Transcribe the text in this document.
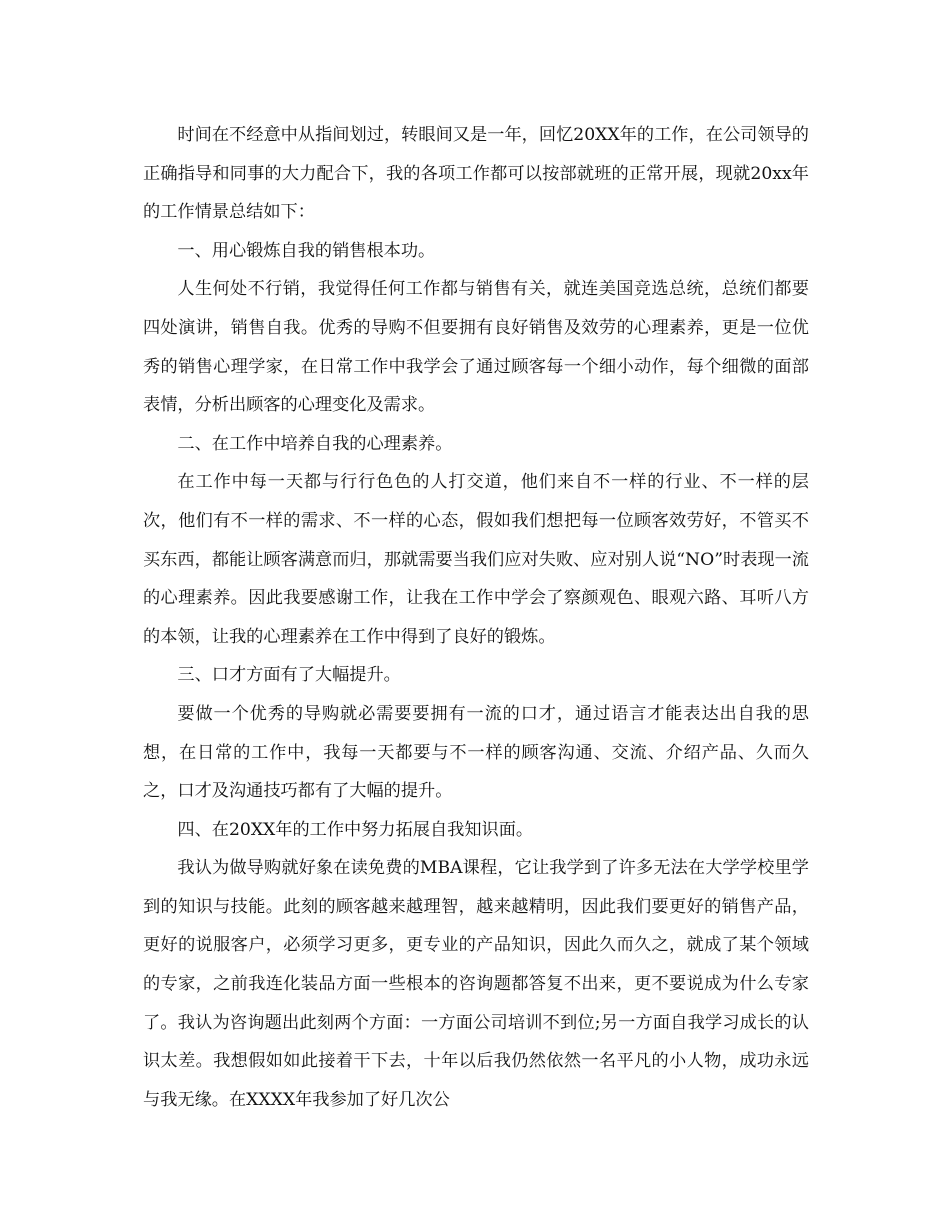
时间在不经意中从指间划过，转眼间又是一年，回忆20XX年的工作，在公司领导的正确指导和同事的大力配合下，我的各项工作都可以按部就班的正常开展，现就20xx年的工作情景总结如下：

一、用心锻炼自我的销售根本功。

人生何处不行销，我觉得任何工作都与销售有关，就连美国竞选总统，总统们都要四处演讲，销售自我。优秀的导购不但要拥有良好销售及效劳的心理素养，更是一位优秀的销售心理学家，在日常工作中我学会了通过顾客每一个细小动作，每个细微的面部表情，分析出顾客的心理变化及需求。

二、在工作中培养自我的心理素养。

在工作中每一天都与行行色色的人打交道，他们来自不一样的行业、不一样的层次，他们有不一样的需求、不一样的心态，假如我们想把每一位顾客效劳好，不管买不买东西，都能让顾客满意而归，那就需要当我们应对失败、应对别人说“NO”时表现一流的心理素养。因此我要感谢工作，让我在工作中学会了察颜观色、眼观六路、耳听八方的本领，让我的心理素养在工作中得到了良好的锻炼。

三、口才方面有了大幅提升。

要做一个优秀的导购就必需要要拥有一流的口才，通过语言才能表达出自我的思想，在日常的工作中，我每一天都要与不一样的顾客沟通、交流、介绍产品、久而久之，口才及沟通技巧都有了大幅的提升。

四、在20XX年的工作中努力拓展自我知识面。

我认为做导购就好象在读免费的MBA课程，它让我学到了许多无法在大学学校里学到的知识与技能。此刻的顾客越来越理智，越来越精明，因此我们要更好的销售产品，更好的说服客户，必须学习更多，更专业的产品知识，因此久而久之，就成了某个领域的专家，之前我连化装品方面一些根本的咨询题都答复不出来，更不要说成为什么专家了。我认为咨询题出此刻两个方面：一方面公司培训不到位;另一方面自我学习成长的认识太差。我想假如如此接着干下去，十年以后我仍然依然一名平凡的小人物，成功永远与我无缘。在XXXX年我参加了好几次公
